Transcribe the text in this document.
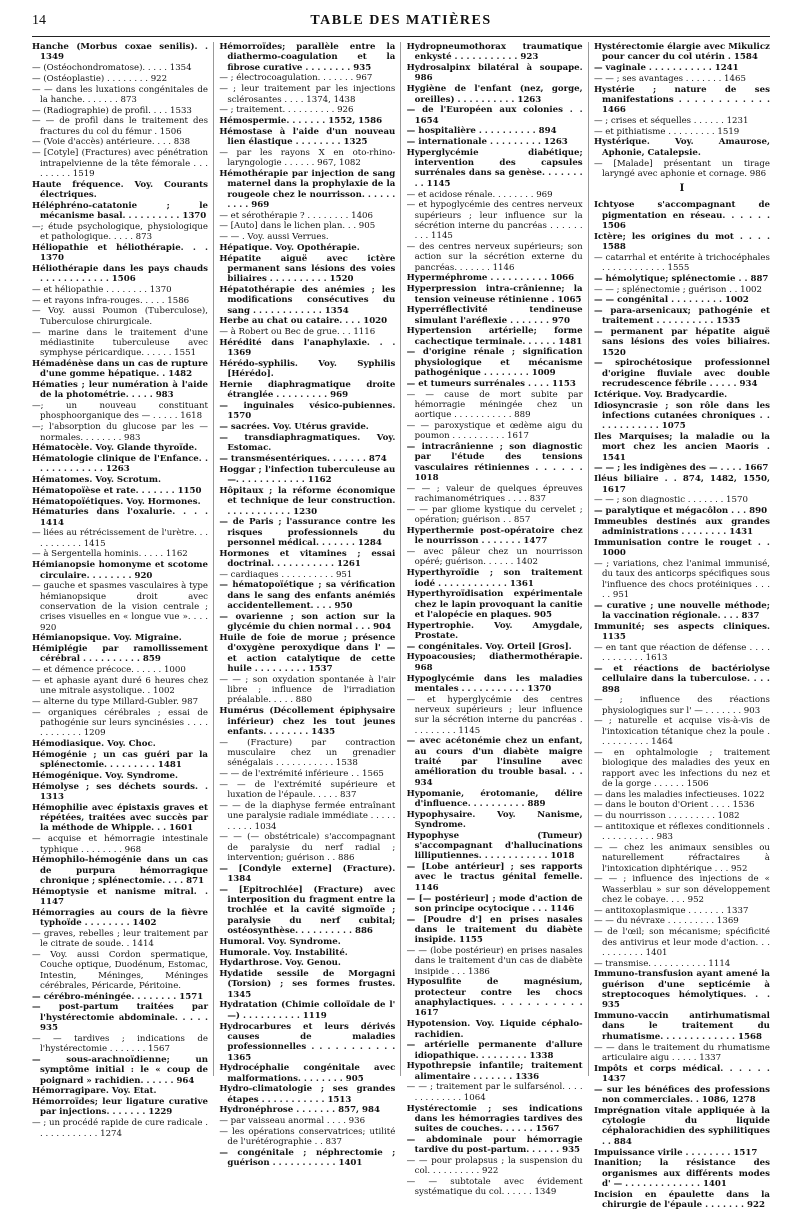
14	TABLE DES MATIÈRES
Hanche (Morbus coxae senilis). . 1349
— (Ostéochondromatose). . . . . 1354
— (Ostéoplastie) . . . . . . . . 922
— — dans les luxations congénitales de la hanche. . . . . . . 873
— (Radiographie) de profil. . . . 1533
— — de profil dans le traitement des fractures du col du fémur . 1506
— (Voie d'accès) antérieure. . . . 838
— [Cotyle] (Fractures) avec pénétration intrapelvienne de la tête fémorale . . . . . . . . . 1519
Haute fréquence. Voy. Courants électriques.
Héléphréno-catatonie ; le mécanisme basal. . . . . . . . . . 1370
—; étude psychologique, physiologique et pathologique. . . . . 873
Héliopathie et héliothérapie. . . 1370
Héliothérapie dans les pays chauds . . . . . . . . . . . . 1506
— et héliopathie . . . . . . . . 1370
— et rayons infra-rouges. . . . . 1586
— Voy. aussi Poumon (Tuberculose), Tuberculose chirurgicale.
— marine dans le traitement d'une médiastinite tuberculeuse avec symphyse péricardique. . . . . . 1551
Hémadénèse dans un cas de rupture d'une gomme hépatique. . 1482
Hématies ; leur numération à l'aide de la photométrie. . . . . 983
—; un nouveau constituant phosphoorganique des — . . . . . 1618
—; l'absorption du glucose par les — normales. . . . . . . . 983
Hématocèle. Voy. Glande thyroïde.
Hématologie clinique de l'Enfance. . . . . . . . . . . . . 1263
Hématomes. Voy. Scrotum.
Hématopoïèse et rate. . . . . . . 1150
Hématopoïétiques. Voy. Hormones.
Hématuries dans l'oxalurie. . . . 1414
— liées au rétrécissement de l'urètre. . . . . . . . . . . 1415
— à Sergentella hominis. . . . . 1162
Hémianopsie homonyme et scotome circulaire. . . . . . . . 920
— gauche et spasmes vasculaires à type hémianopsique droit avec conservation de la vision centrale ; crises visuelles en « longue vue ». . . . 920
Hémianopsique. Voy. Migraine.
Hémiplégie par ramollissement cérébral . . . . . . . . . . 859
— et démence précoce. . . . . . 1000
— et aphasie ayant duré 6 heures chez une mitrale asystolique. . 1002
— alterne du type Millard-Gubler. 987
— organiques cérébrales ; essai de pathogénie sur leurs syncinésies . . . . . . . . . . . . 1209
Hémodiasique. Voy. Choc.
Hémogénie ; un cas guéri par la splénectomie. . . . . . . . . 1481
Hémogénique. Voy. Syndrome.
Hémolyse ; ses déchets sourds. . 1313
Hémophilie avec épistaxis graves et répétées, traitées avec succès par la méthode de Whipple. . . 1601
— acquise et hémorragie intestinale typhique . . . . . . . . 968
Hémophilo-hémogénie dans un cas de purpura hémorragique chronique ; splénectomie. . . . 871
Hémoptysie et nanisme mitral. . 1147
Hémorragies au cours de la fièvre typhoïde . . . . . . . . 1402
— graves, rebelles ; leur traitement par le citrate de soude. . 1414
— Voy. aussi Cordon spermatique, Couche optique, Duodénum, Estomac, Intestin, Méninges, Méninges cérébrales, Péricarde, Péritoine.
— cérébro-méningée. . . . . . . . 1571
— post-partum traitées par l'hystérectomie abdominale. . . . . 935
— — tardives ; indications de l'hystérectomie . . . . . . . 1567
— sous-arachnoïdienne; un symptôme initial : le « coup de poignard » rachidien. . . . . . 964
Hémorragipare. Voy. Etat.
Hémorroïdes; leur ligature curative par injections. . . . . . . 1229
— ; un procédé rapide de cure radicale . . . . . . . . . . . . 1274
Hémorroïdes; parallèle entre la diathermo-coagulation et la fibrose curative . . . . . . . . 935
— ; électrocoagulation. . . . . . . 967
— ; leur traitement par les injections sclérosantes . . . . 1374, 1438
— ; traitement. . . . . . . . . . 926
Hémospermie. . . . . . . 1552, 1586
Hémostase à l'aide d'un nouveau lien élastique . . . . . . . . 1325
— par les rayons X en oto-rhino-laryngologie . . . . . . 967, 1082
Hémothérapie par injection de sang maternel dans la prophylaxie de la rougeole chez le nourrisson. . . . . . . . . . 969
— et sérothérapie ? . . . . . . . . 1406
— [Auto] dans le lichen plan. . . 905
— — . Voy. aussi Verrues.
Hépatique. Voy. Opothérapie.
Hépatite aiguë avec ictère permanent sans lésions des voies biliaires . . . . . . . . . . 1520
Hépatothérapie des anémies ; les modifications consécutives du sang . . . . . . . . . . . . 1354
Herbe au chat ou cataire. . . . 1020
— à Robert ou Bec de grue. . . 1116
Hérédité dans l'anaphylaxie. . . 1369
Hérédo-syphilis. Voy. Syphilis [Hérédo].
Hernie diaphragmatique droite étranglée . . . . . . . . . 969
— inguinales vésico-pubiennes. 1570
— sacrées. Voy. Utérus gravide.
— transdiaphragmatiques. Voy. Estomac.
— transmésentériques. . . . . . . 874
Hoggar ; l'infection tuberculeuse au —. . . . . . . . . . . . 1162
Hôpitaux ; la réforme économique et technique de leur construction. . . . . . . . . . . . 1230
— de Paris ; l'assurance contre les risques professionnels du personnel médical. . . . . . . 1284
Hormones et vitamines ; essai doctrinal. . . . . . . . . . . 1261
— cardiaques . . . . . . . . . . 951
— hématopoïétique ; sa vérification dans le sang des enfants anémiés accidentellement. . . . 950
— ovarienne ; son action sur la glycémie du chien normal . . . 904
Huile de foie de morue ; présence d'oxygène peroxydique dans l' — et action catalytique de cette huile . . . . . . . . . 1537
— — ; son oxydation spontanée à l'air libre ; influence de l'irradiation préalable. . . . . 880
Humérus (Décollement épiphysaire inférieur) chez les tout jeunes enfants. . . . . . . . 1435
— (Fracture) par contraction musculaire chez un grenadier sénégalais . . . . . . . . . . . 1538
— — de l'extrémité inférieure . . 1565
— — de l'extrémité supérieure et luxation de l'épaule. . . . . 837
— — de la diaphyse fermée entraînant une paralysie radiale immédiate . . . . . . . . . . 1034
— — (— obstétricale) s'accompagnant de paralysie du nerf radial ; intervention; guérison . . 886
— [Condyle externe] (Fracture). 1384
— [Epitrochlée] (Fracture) avec interposition du fragment entre la trochlée et la cavité sigmoïde ; paralysie du nerf cubital; ostéosynthèse. . . . . . . . . . 886
Humoral. Voy. Syndrome.
Humorale. Voy. Instabilité.
Hydarthrose. Voy. Genou.
Hydatide sessile de Morgagni (Torsion) ; ses formes frustes. 1345
Hydratation (Chimie colloïdale de l' —) . . . . . . . . . . 1119
Hydrocarbures et leurs dérivés causes de maladies professionnelles . . . . . . . . . . . 1365
Hydrocéphalie congénitale avec malformations. . . . . . . . 905
Hydro-climatologie ; ses grandes étapes . . . . . . . . . . . 1513
Hydronéphrose . . . . . . . 857, 984
— par vaisseau anormal . . . . 936
— les opérations conservatrices; utilité de l'urétérographie . . 837
— congénitale ; néphrectomie ; guérison . . . . . . . . . . . 1401
Hydropneumothorax traumatique enkysté . . . . . . . . . . . 923
Hydrosalpinx bilatéral à soupape. 986
Hygiène de l'enfant (nez, gorge, oreilles) . . . . . . . . . . 1263
— de l'Européen aux colonies . . 1654
— hospitalière . . . . . . . . . . 894
— internationale . . . . . . . . . 1263
Hyperglycémie diabétique; intervention des capsules surrénales dans sa genèse. . . . . . . . . 1145
— et acidose rénale. . . . . . . . 969
— et hypoglycémie des centres nerveux supérieurs ; leur influence sur la sécrétion interne du pancréas . . . . . . . . . 1145
— des centres nerveux supérieurs; son action sur la sécrétion externe du pancréas. . . . . . . 1146
Hyperméphrome . . . . . . . . . . 1066
Hyperpression intra-crânienne; la tension veineuse rétinienne . 1065
Hyperréflectivité tendineuse simulant l'aréflexie . . . . . . . 970
Hypertension artérielle; forme cachectique terminale. . . . . . 1481
— d'origine rénale ; signification physiologique et mécanisme pathogénique . . . . . . . . 1009
— et tumeurs surrénales . . . . 1153
— — cause de mort subite par hémorragie méningée chez un aortique . . . . . . . . . . . 889
— — paroxystique et œdème aigu du poumon . . . . . . . . . . 1617
— intracrânienne ; son diagnostic par l'étude des tensions vasculaires rétiniennes . . . . . . 1018
— — ; valeur de quelques épreuves rachimanométriques . . . . 837
— — par gliome kystique du cervelet ; opération; guérison . . 857
Hyperthermie post-opératoire chez le nourrisson . . . . . . . 1477
— avec pâleur chez un nourrisson opéré; guérison. . . . . . 1402
Hyperthyroïdie ; son traitement iodé . . . . . . . . . . . . 1361
Hyperthyroïdisation expérimentale chez le lapin provoquant la canitie et l'alopécie en plaques. 905
Hypertrophie. Voy. Amygdale, Prostate.
— congénitales. Voy. Orteil [Gros].
Hypoacousies; diathermothérapie. 968
Hypoglycémie dans les maladies mentales . . . . . . . . . . . 1370
— et hyperglycémie des centres nerveux supérieurs ; leur influence sur la sécrétion interne du pancréas . . . . . . . . . 1145
— avec acétonémie chez un enfant, au cours d'un diabète maigre traité par l'insuline avec amélioration du trouble basal. . . 934
Hypomanie, érotomanie, délire d'influence. . . . . . . . . . 889
Hypophysaire. Voy. Nanisme, Syndrome.
Hypophyse (Tumeur) s'accompagnant d'hallucinations lilliputiennes. . . . . . . . . . . . 1018
— [Lobe antérieur] ; ses rapports avec le tractus génital femelle. 1146
— [— postérieur] ; mode d'action de son principe ocytocique . . . 1146
— [Poudre d'] en prises nasales dans le traitement du diabète insipide. 1155
— — (lobe postérieur) en prises nasales dans le traitement d'un cas de diabète insipide . . . 1386
Hyposulfite de magnésium, protecteur contre les chocs anaphylactiques. . . . . . . . . . . 1617
Hypotension. Voy. Liquide céphalo-rachidien.
— artérielle permanente d'allure idiopathique. . . . . . . . . 1338
Hypothrepsie infantile; traitement alimentaire . . . . . . . 1336
— — ; traitement par le sulfarsénol. . . . . . . . . . . . . 1064
Hystérectomie ; ses indications dans les hémorragies tardives des suites de couches. . . . . . 1567
— abdominale pour hémorragie tardive du post-partum. . . . . . 935
— — pour prolapsus ; la suspension du col. . . . . . . . . . 922
— — subtotale avec évidement systématique du col. . . . . . 1349
Hystérectomie élargie avec Mikulicz pour cancer du col utérin . 1584
— vaginale . . . . . . . . . . . 1241
— — ; ses avantages . . . . . . . 1465
Hystérie ; nature de ses manifestations . . . . . . . . . . . . 1466
— ; crises et séquelles . . . . . . 1231
— et pithiatisme . . . . . . . . . 1519
Hystérique. Voy. Amaurose, Aphonie, Catalepsie.
— [Malade] présentant un tirage laryngé avec aphonie et cornage. 986
I
Ichtyose s'accompagnant de pigmentation en réseau. . . . . . 1506
Ictère; les origines du mot . . . . 1588
— catarrhal et entérite à trichocéphales . . . . . . . . . . . . 1555
— hémolytique; splénectomie . . 887
— — ; splénectomie ; guérison . . 1002
— — congénital . . . . . . . . . 1002
— para-arsenicaux; pathogénie et traitement . . . . . . . . . . 1535
— permanent par hépatite aiguë sans lésions des voies biliaires. 1520
— spirochétosique professionnel d'origine fluviale avec double recrudescence fébrile . . . . . 934
Ictérique. Voy. Bradycardie.
Idiosyncrasie ; son rôle dans les infections cutanées chroniques . . . . . . . . . . . . 1075
Iles Marquises; la maladie ou la mort chez les ancien Maoris . 1541
— — ; les indigènes des — . . . . 1667
Iléus biliaire . . 874, 1482, 1550, 1617
— — ; son diagnostic . . . . . . . 1570
— paralytique et mégacôlon . . . 890
Immeubles destinés aux grandes administrations . . . . . . . . 1431
Immunisation contre le rouget . . 1000
— ; variations, chez l'animal immunisé, du taux des anticorps spécifiques sous l'influence des chocs protéiniques . . . . . 951
— curative ; une nouvelle méthode; la vaccination régionale. . . . 837
Immunité; ses aspects cliniques. 1135
— en tant que réaction de défense . . . . . . . . . . . . 1613
— et réactions de bactériolyse cellulaire dans la tuberculose. . . . 898
— ; influence des réactions physiologiques sur l' — . . . . . . . 903
— ; naturelle et acquise vis-à-vis de l'intoxication tétanique chez la poule . . . . . . . . . . 1464
— en ophtalmologie ; traitement biologique des maladies des yeux en rapport avec les infections du nez et de la gorge . . . . . . 1506
— dans les maladies infectieuses. 1022
— dans le bouton d'Orient . . . . 1536
— du nourrisson . . . . . . . . . 1082
— antitoxique et réflexes conditionnels . . . . . . . . . . . 983
— — chez les animaux sensibles ou naturellement réfractaires à l'intoxication diphtérique . . . 952
— — ; influence des injections de « Wasserblau » sur son développement chez le cobaye. . . . 952
— antitoxoplasmique . . . . . . . 1337
— — du névraxe . . . . . . . . . 1369
— de l'œil; son mécanisme; spécificité des antivirus et leur mode d'action. . . . . . . . . . . 1401
— transmise. . . . . . . . . . . 1114
Immuno-transfusion ayant amené la guérison d'une septicémie à streptocoques hémolytiques. . . 935
Immuno-vaccin antirhumatismal dans le traitement du rhumatisme. . . . . . . . . . . . . 1568
— — dans le traitement du rhumatisme articulaire aigu . . . . . 1337
Impôts et corps médical. . . . . . 1437
— sur les bénéfices des professions non commerciales. . 1086, 1278
Imprégnation vitale appliquée à la cytologie du liquide céphalorachidien des syphilitiques . . 884
Impuissance virile . . . . . . . . 1517
Inanition; la résistance des organismes aux différents modes d' — . . . . . . . . . . . . . 1401
Incision en épaulette dans la chirurgie de l'épaule . . . . . . . 922
